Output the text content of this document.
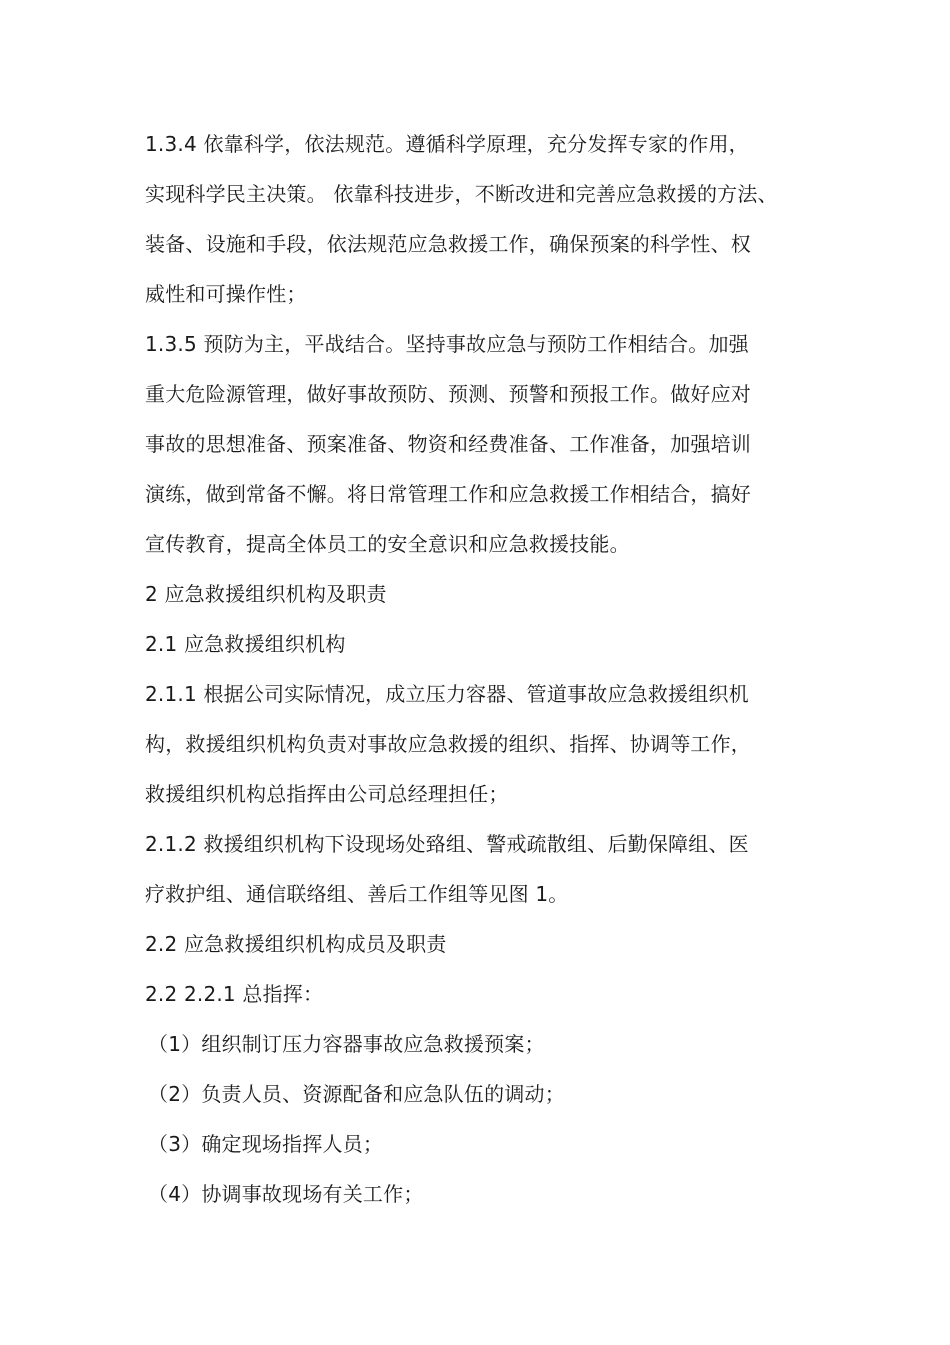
1.3.4 依靠科学，依法规范。遵循科学原理，充分发挥专家的作用，
实现科学民主决策。 依靠科技进步，不断改进和完善应急救援的方法、
装备、设施和手段，依法规范应急救援工作，确保预案的科学性、权
威性和可操作性；
1.3.5 预防为主，平战结合。坚持事故应急与预防工作相结合。加强
重大危险源管理，做好事故预防、预测、预警和预报工作。做好应对
事故的思想准备、预案准备、物资和经费准备、工作准备，加强培训
演练，做到常备不懈。将日常管理工作和应急救援工作相结合，搞好
宣传教育，提高全体员工的安全意识和应急救援技能。
2 应急救援组织机构及职责
2.1 应急救援组织机构
2.1.1 根据公司实际情况，成立压力容器、管道事故应急救援组织机
构，救援组织机构负责对事故应急救援的组织、指挥、协调等工作，
救援组织机构总指挥由公司总经理担任；
2.1.2 救援组织机构下设现场处臵组、警戒疏散组、后勤保障组、医
疗救护组、通信联络组、善后工作组等见图 1。
2.2 应急救援组织机构成员及职责
2.2 2.2.1 总指挥：
（1）组织制订压力容器事故应急救援预案；
（2）负责人员、资源配备和应急队伍的调动；
（3）确定现场指挥人员；
（4）协调事故现场有关工作；
